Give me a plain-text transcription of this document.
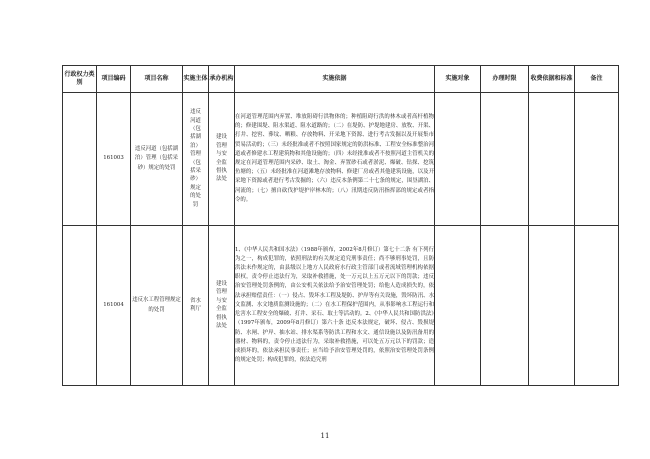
行政权力类别	项目编码	项目名称	实施主体	承办机构	实施依据	实施对象	办理时限	收费依据和标准	备注
	161003	违反河道（包括湖泊）管理（包括采砂）规定的处罚	违反河道（包括湖泊）管理（包括采砂）规定的处罚	建设管理与安全监督执法处	在河道管理范围内弃置、堆放阻碍行洪物体的；种植阻碍行洪的林木或者高杆植物的；修建围堤、阻水渠道、阻水道路的；（二）在堤防、护堤地建房、放牧、开渠、打井、挖窖、葬坟、晒粮、存放物料、开采地下资源、进行考古发掘以及开展集市贸易活动的；（三）未经批准或者不按照国家规定的防洪标准、工程安全标准整治河道或者修建水工程建筑物和其他设施的；（四）未经批准或者不按照河道主管机关的规定在河道管理范围内采砂、取土、淘金、弃置砂石或者淤泥、爆破、钻探、挖筑鱼塘的；（五）未经批准在河道滩地存放物料、修建厂房或者其他建筑设施，以及开采地下资源或者进行考古发掘的；（六）违反本条例第二十七条的规定，围垦湖泊、河流的；（七）擅自砍伐护堤护岸林木的；（八）汛期违反防汛指挥部的规定或者指令的。				
	161004	违反水工程管理规定的处罚	省水利厅	建设管理与安全监督执法处	1、《中华人民共和国水法》（1988年颁布，2002年8月修订）第七十二条 有下列行为之一，构成犯罪的，依照刑法的有关规定追究刑事责任；尚不够刑事处罚，且防洪法未作规定的，由县级以上地方人民政府水行政主管部门或者流域管理机构依据职权，责令停止违法行为，采取补救措施，处一万元以上五万元以下的罚款；违反治安管理处罚条例的，由公安机关依法给予治安管理处罚；给他人造成损失的，依法承担赔偿责任：（一）侵占、毁坏水工程及堤防、护岸等有关设施，毁坏防汛、水文监测、水文地质监测设施的；（二）在水工程保护范围内，从事影响水工程运行和危害水工程安全的爆破、打井、采石、取土等活动的。2、《中华人民共和国防洪法》（1997年颁布，2009年8月修订）第六十条 违反本法规定，破坏、侵占、毁损堤防、水闸、护岸、抽水站、排水渠系等防洪工程和水文、通信设施以及防汛备用的器材、物料的，责令停止违法行为，采取补救措施，可以处五万元以下的罚款；造成损坏的，依法承担民事责任；应当给予治安管理处罚的，依照治安管理处罚条例的规定处罚；构成犯罪的，依法追究刑				
11
